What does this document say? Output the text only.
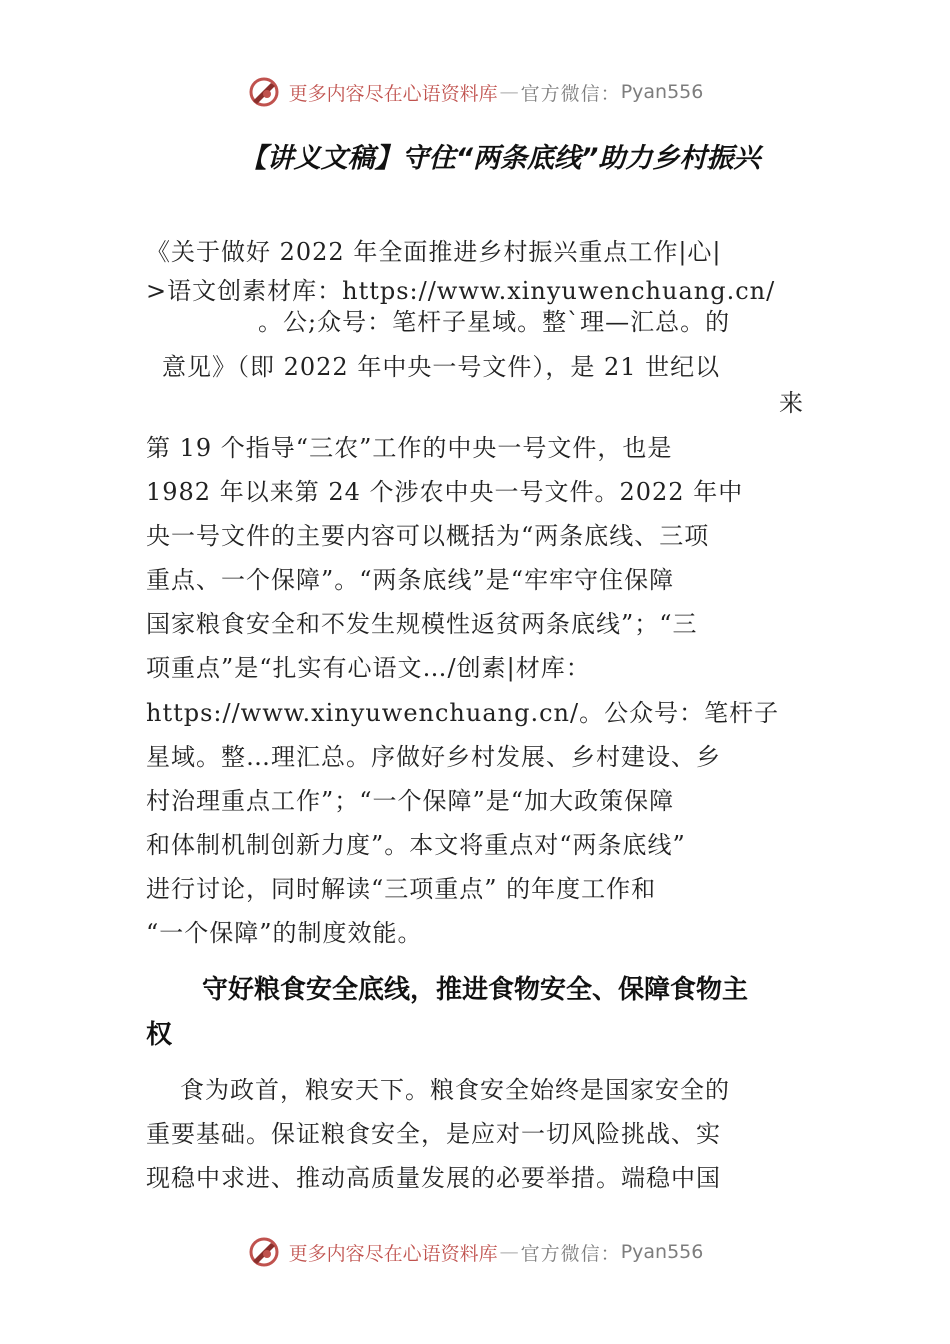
更多内容尽在心语资料库 — 官方微信： Pyan556
【讲义文稿】守住“两条底线”助力乡村振兴
《关于做好 2022 年全面推进乡村振兴重点工作|心|
>语文创素材库：https://www.xinyuwenchuang.cn/
。公;众号：笔杆子星域。整`理—汇总。的
意见》（即 2022 年中央一号文件），是 21 世纪以
来
第 19 个指导“三农”工作的中央一号文件，也是
1982 年以来第 24 个涉农中央一号文件。2022 年中
央一号文件的主要内容可以概括为“两条底线、三项
重点、一个保障”。“两条底线”是“牢牢守住保障
国家粮食安全和不发生规模性返贫两条底线”；“三
项重点”是“扎实有心语文…/创素|材库：
https://www.xinyuwenchuang.cn/。公众号：笔杆子
星域。整…理汇总。序做好乡村发展、乡村建设、乡
村治理重点工作”；“一个保障”是“加大政策保障
和体制机制创新力度”。本文将重点对“两条底线”
进行讨论，同时解读“三项重点” 的年度工作和
“一个保障”的制度效能。
守好粮食安全底线，推进食物安全、保障食物主
权
食为政首，粮安天下。粮食安全始终是国家安全的
重要基础。保证粮食安全，是应对一切风险挑战、实
现稳中求进、推动高质量发展的必要举措。端稳中国
更多内容尽在心语资料库 — 官方微信： Pyan556
